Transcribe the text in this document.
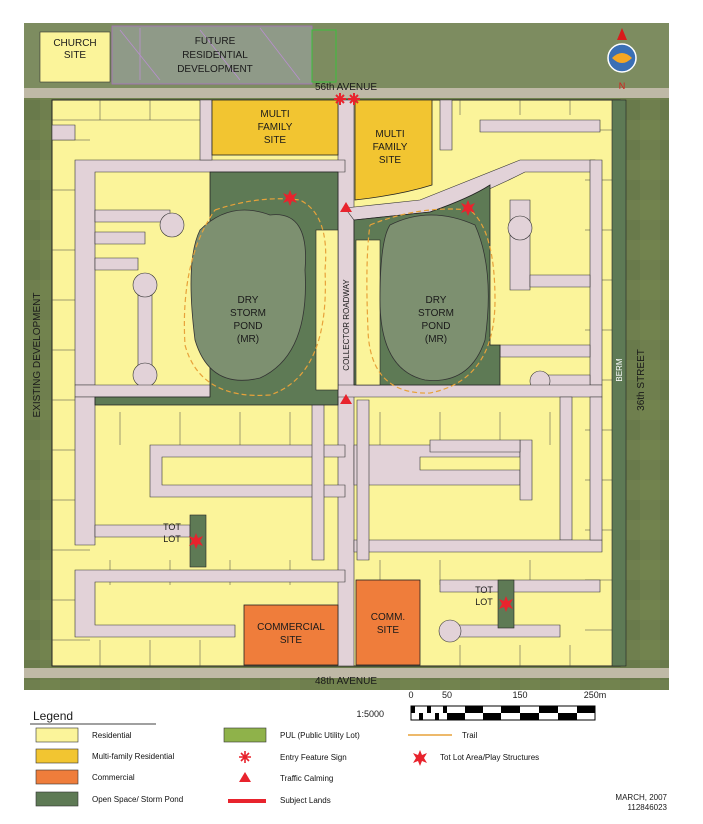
CHURCH
SITE
FUTURE
RESIDENTIAL
DEVELOPMENT
56th AVENUE
48th AVENUE
36th STREET
BERM
EXISTING DEVELOPMENT	COLLECTOR ROADWAY
MULTI
FAMILY
SITE
MULTI
FAMILY
SITE
DRY
STORM
POND
(MR)
DRY
STORM
POND
(MR)
TOT
LOT
TOT
LOT
COMMERCIAL
SITE
COMM.
SITE
N
1:5000
0	50	150	250m
Legend
Residential
Multi-family Residential
Commercial
Open Space/ Storm Pond
PUL (Public Utility Lot)
Entry Feature Sign
Traffic Calming
Subject Lands
Trail
Tot Lot Area/Play Structures
MARCH, 2007
112846023
